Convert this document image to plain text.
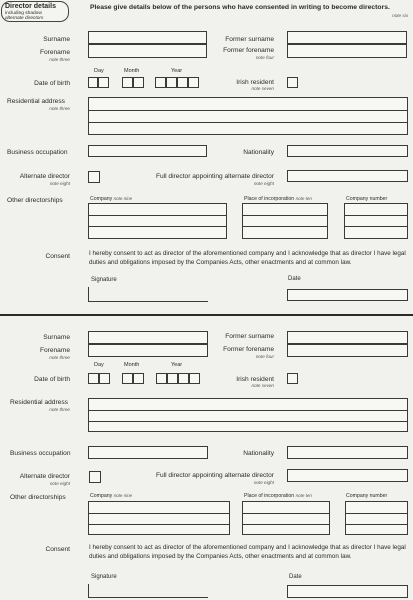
Director details
including shadow
alternate directors
Please give details below of the persons who have consented in writing to become directors.
note six
Surname	Former surname
Forename
note three
Former forename
note four
Day	Month	Year
Date of birth	Irish resident
note seven
Residential address
note three
Business occupation	Nationality
Alternate director
note eight
Full director appointing alternate director
note eight
Other directorships	Company note nine	Place of incorporation note ten	Company number
Consent	I hereby consent to act as director of the aforementioned company and I acknowledge that as director I have legal duties and obligations imposed by the Companies Acts, other enactments and at common law.
Signature	Date
Surname	Former surname
Forename
note three
Former forename
note four
Day	Month	Year
Date of birth	Irish resident
note seven
Residential address
note three
Business occupation	Nationality
Alternate director
note eight
Full director appointing alternate director
note eight
Other directorships	Company note nine	Place of incorporation note ten	Company number
Consent	I hereby consent to act as director of the aforementioned company and I acknowledge that as director I have legal duties and obligations imposed by the Companies Acts, other enactments and at common law.
Signature	Date
